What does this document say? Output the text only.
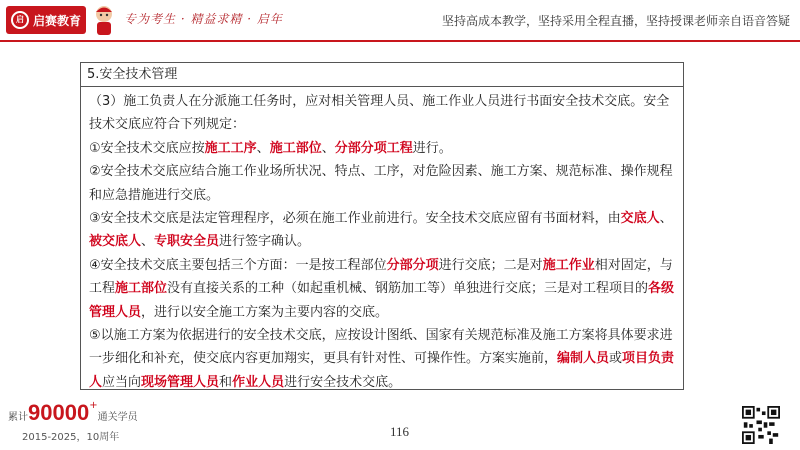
启 启赛教育	专为考生 · 精益求精 · 启年	坚持高成本教学，坚持采用全程直播，坚持授课老师亲自语音答疑
5.安全技术管理
（3）施工负责人在分派施工任务时，应对相关管理人员、施工作业人员进行书面安全技术交底。安全技术交底应符合下列规定：
①安全技术交底应按施工工序、施工部位、分部分项工程进行。
②安全技术交底应结合施工作业场所状况、特点、工序，对危险因素、施工方案、规范标准、操作规程和应急措施进行交底。
③安全技术交底是法定管理程序，必须在施工作业前进行。安全技术交底应留有书面材料，由交底人、被交底人、专职安全员进行签字确认。
④安全技术交底主要包括三个方面：一是按工程部位分部分项进行交底；二是对施工作业相对固定，与工程施工部位没有直接关系的工种（如起重机械、钢筋加工等）单独进行交底；三是对工程项目的各级管理人员，进行以安全施工方案为主要内容的交底。
⑤以施工方案为依据进行的安全技术交底，应按设计图纸、国家有关规范标准及施工方案将具体要求进一步细化和补充，使交底内容更加翔实，更具有针对性、可操作性。方案实施前，编制人员或项目负责人应当向现场管理人员和作业人员进行安全技术交底。
累计90000+通关学员
2015-2025，10周年	116
